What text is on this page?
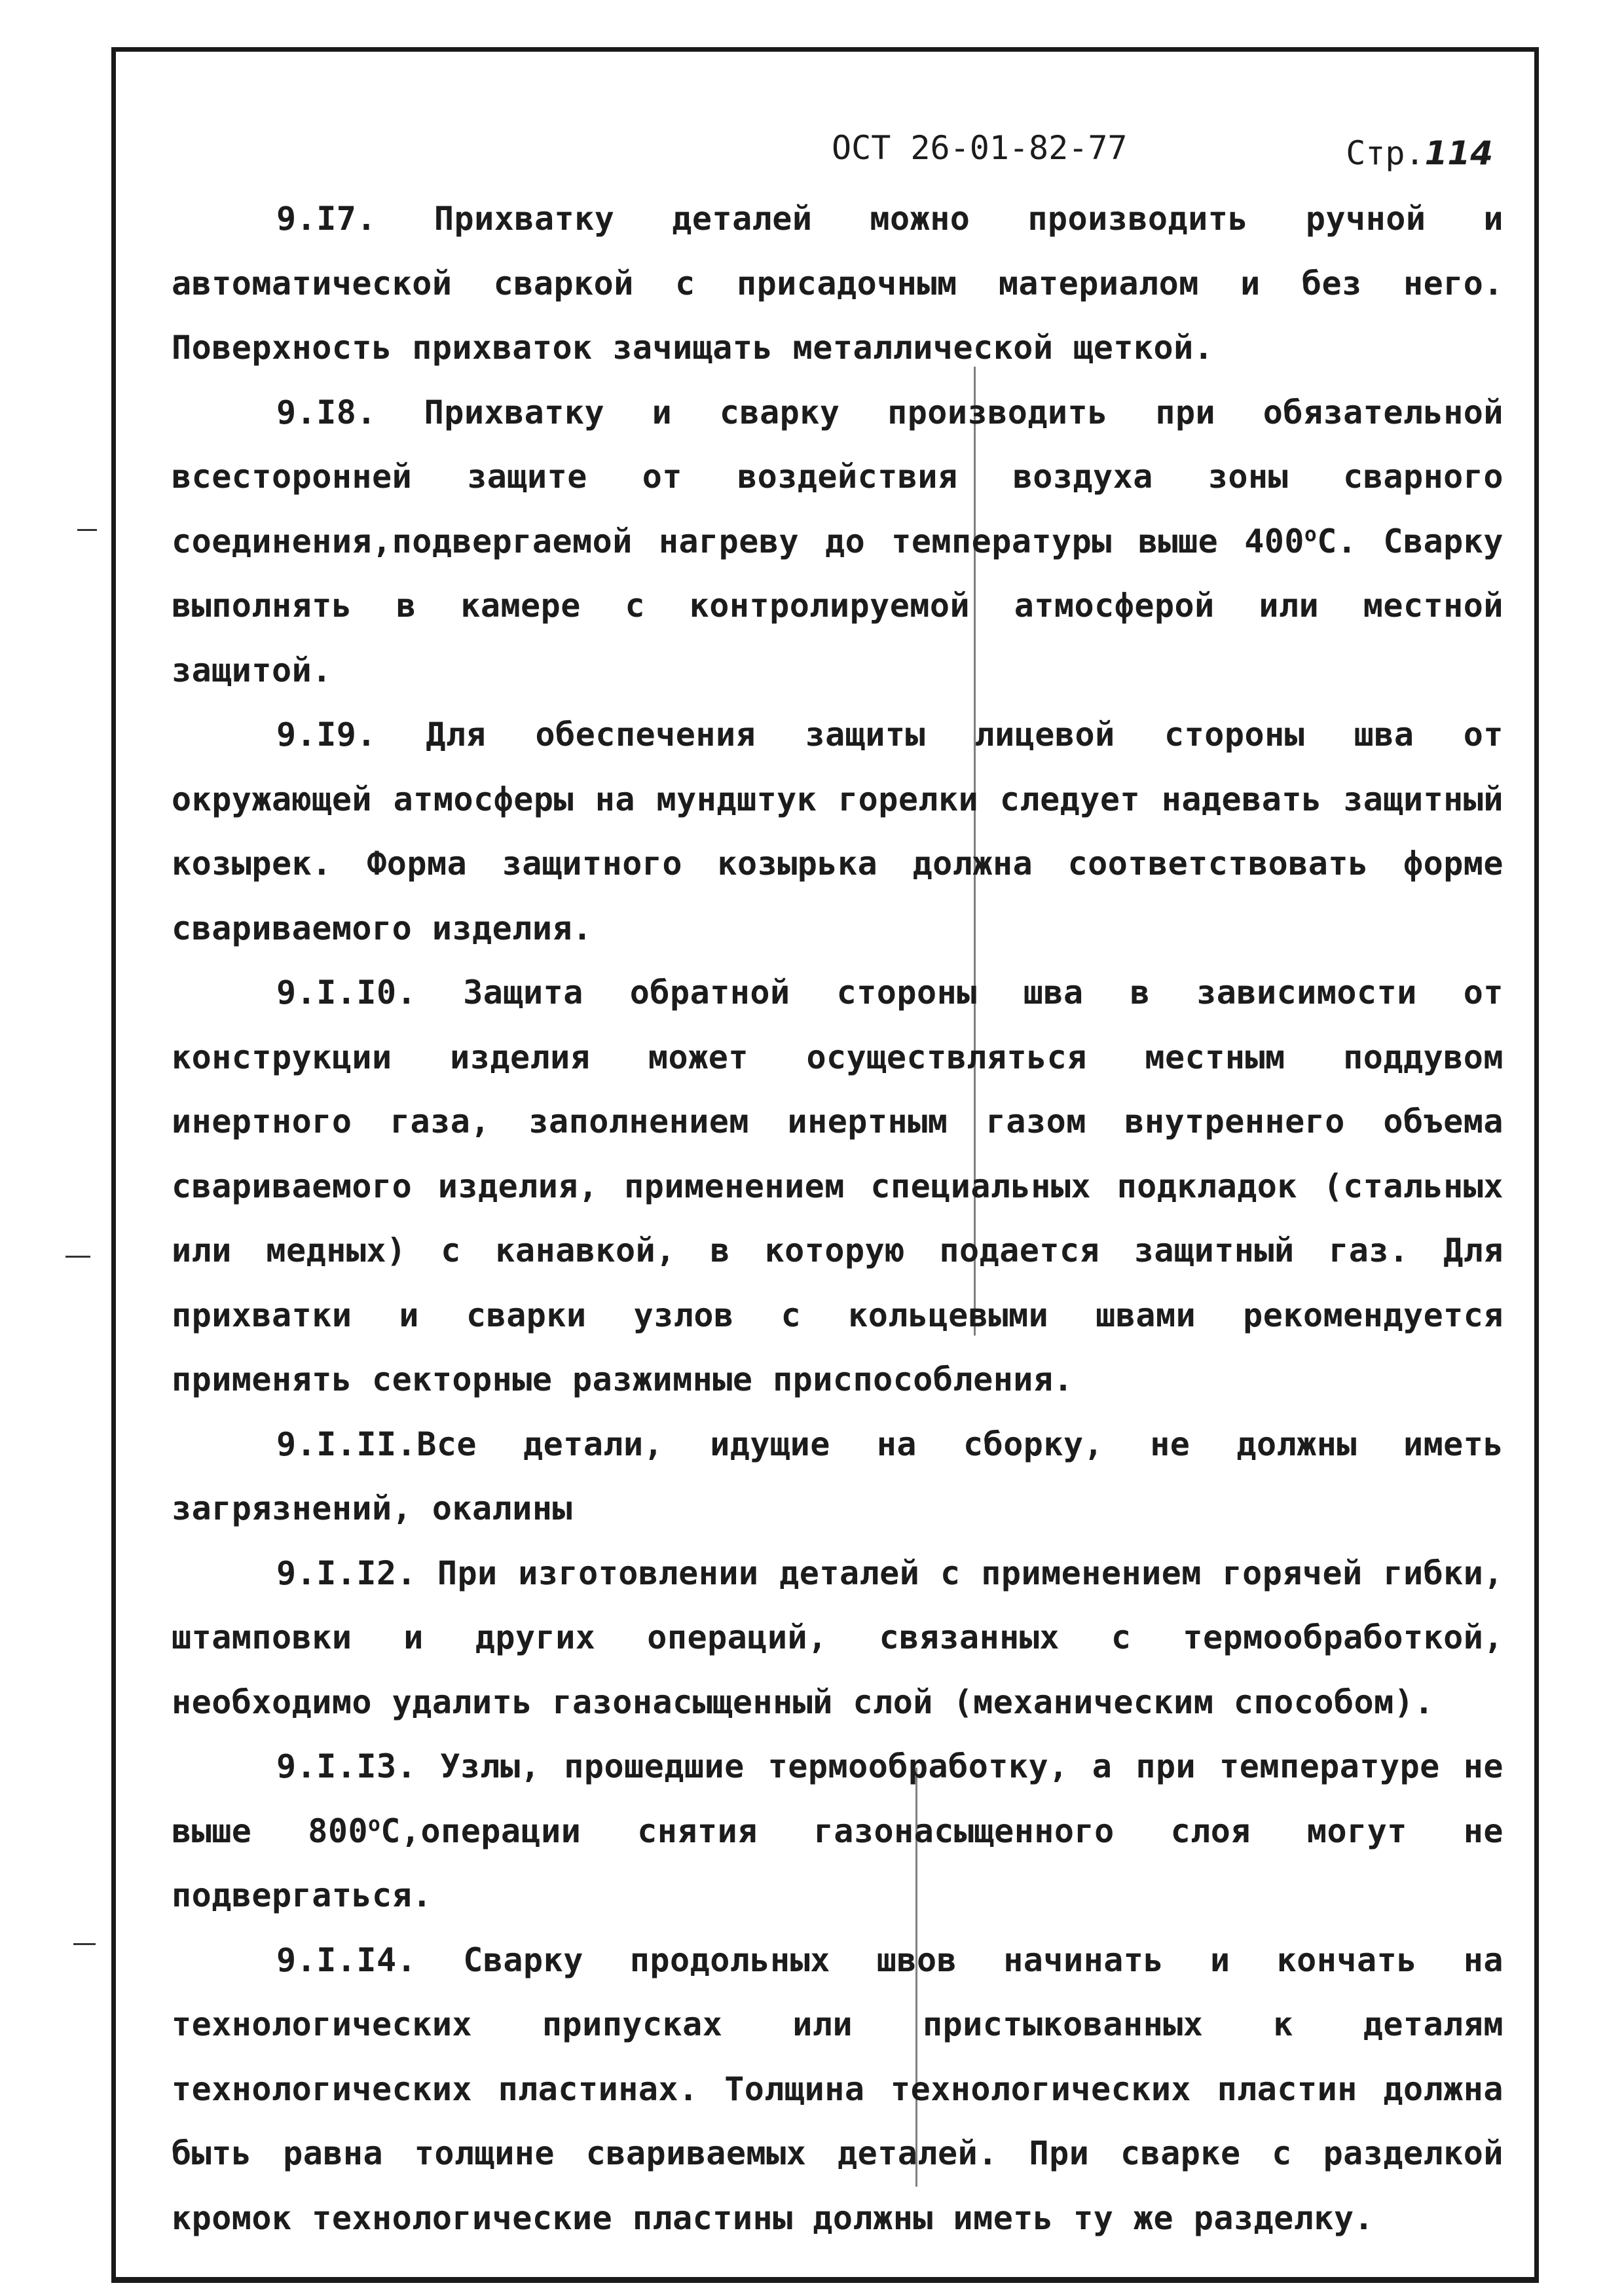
ОСТ 26-01-82-77	Стр.114

9.І7. Прихватку деталей можно производить ручной и автоматической сваркой с присадочным материалом и без него. Поверхность прихваток зачищать металлической щеткой.

9.І8. Прихватку и сварку производить при обязательной всесторонней защите от воздействия воздуха зоны сварного соединения,подвергаемой нагреву до температуры выше $400^оС$. Сварку выполнять в камере с контролируемой атмосферой или местной защитой.

9.І9. Для обеспечения защиты лицевой стороны шва от окружающей атмосферы на мундштук горелки следует надевать защитный козырек. Форма защитного козырька должна соответствовать форме свариваемого изделия.

9.І.І0. Защита обратной стороны шва в зависимости от конструкции изделия может осуществляться местным поддувом инертного газа, заполнением инертным газом внутреннего объема свариваемого изделия, применением специальных подкладок (стальных или медных) с канавкой, в которую подается защитный газ. Для прихватки и сварки узлов с кольцевыми швами рекомендуется применять секторные разжимные приспособления.

9.І.ІІ.Все детали, идущие на сборку, не должны иметь загрязнений, окалины

9.І.І2. При изготовлении деталей с применением горячей гибки, штамповки и других операций, связанных с термообработкой, необходимо удалить газонасыщенный слой (механическим способом).

9.І.І3. Узлы, прошедшие термообработку, а при температуре не выше $800^оС,операции$ снятия газонасыщенного слоя могут не подвергаться.

9.І.І4. Сварку продольных швов начинать и кончать на технологических припусках или пристыкованных к деталям технологических пластинах. Толщина технологических пластин должна быть равна толщине свариваемых деталей. При сварке с разделкой кромок технологические пластины должны иметь ту же разделку.
